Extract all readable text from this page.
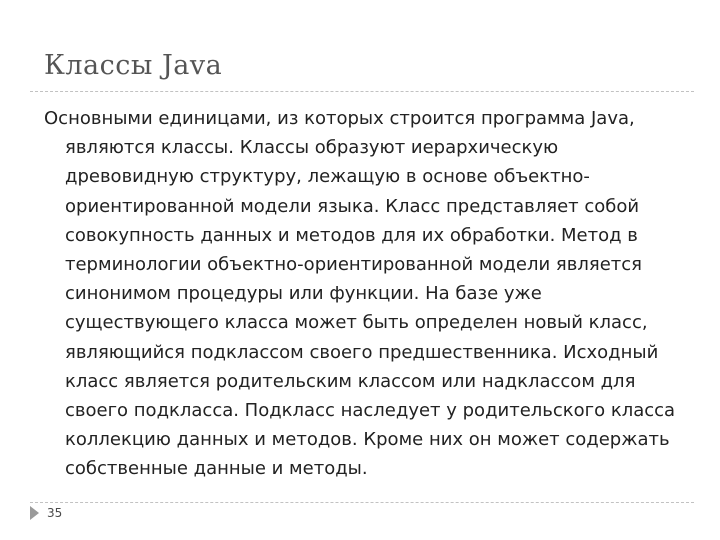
Классы Java

Основными единицами, из которых строится программа Java, являются классы. Классы образуют иерархическую древовидную структуру, лежащую в основе объектно-ориентированной модели языка. Класс представляет собой совокупность данных и методов для их обработки. Метод в терминологии объектно-ориентированной модели является синонимом процедуры или функции. На базе уже существующего класса может быть определен новый класс, являющийся подклассом своего предшественника. Исходный класс является родительским классом или надклассом для своего подкласса. Подкласс наследует у родительского класса коллекцию данных и методов. Кроме них он может содержать собственные данные и методы.

35
